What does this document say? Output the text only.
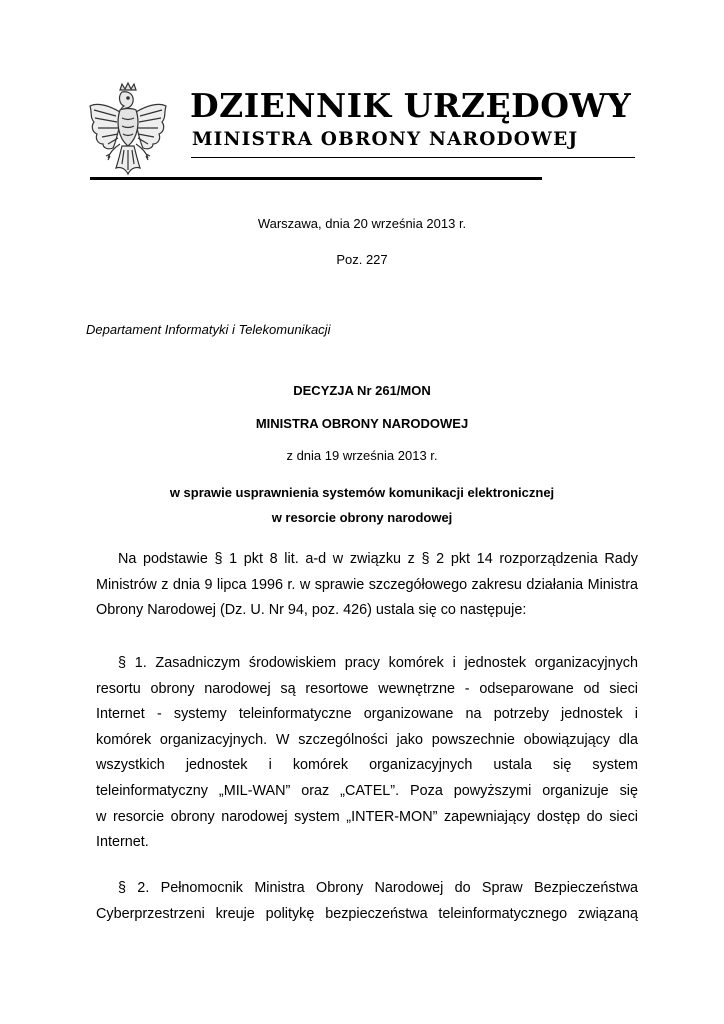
DZIENNIK URZĘDOWY
MINISTRA OBRONY NARODOWEJ
Warszawa, dnia 20 września 2013 r.
Poz. 227
Departament Informatyki i Telekomunikacji
DECYZJA Nr 261/MON
MINISTRA OBRONY NARODOWEJ
z dnia 19 września 2013 r.
w sprawie usprawnienia systemów komunikacji elektronicznej
w resorcie obrony narodowej
Na podstawie § 1 pkt 8 lit. a-d w związku z § 2 pkt 14 rozporządzenia Rady
Ministrów z dnia 9 lipca 1996 r. w sprawie szczegółowego zakresu działania Ministra
Obrony Narodowej (Dz. U. Nr 94, poz. 426) ustala się co następuje:
§ 1. Zasadniczym środowiskiem pracy komórek i jednostek organizacyjnych
resortu obrony narodowej są resortowe wewnętrzne - odseparowane od sieci
Internet - systemy teleinformatyczne organizowane na potrzeby jednostek i
komórek organizacyjnych. W szczególności jako powszechnie obowiązujący dla
wszystkich jednostek i komórek organizacyjnych ustala się system
teleinformatyczny „MIL-WAN” oraz „CATEL”. Poza powyższymi organizuje się
w resorcie obrony narodowej system „INTER-MON” zapewniający dostęp do sieci
Internet.
§ 2. Pełnomocnik Ministra Obrony Narodowej do Spraw Bezpieczeństwa
Cyberprzestrzeni kreuje politykę bezpieczeństwa teleinformatycznego związaną
